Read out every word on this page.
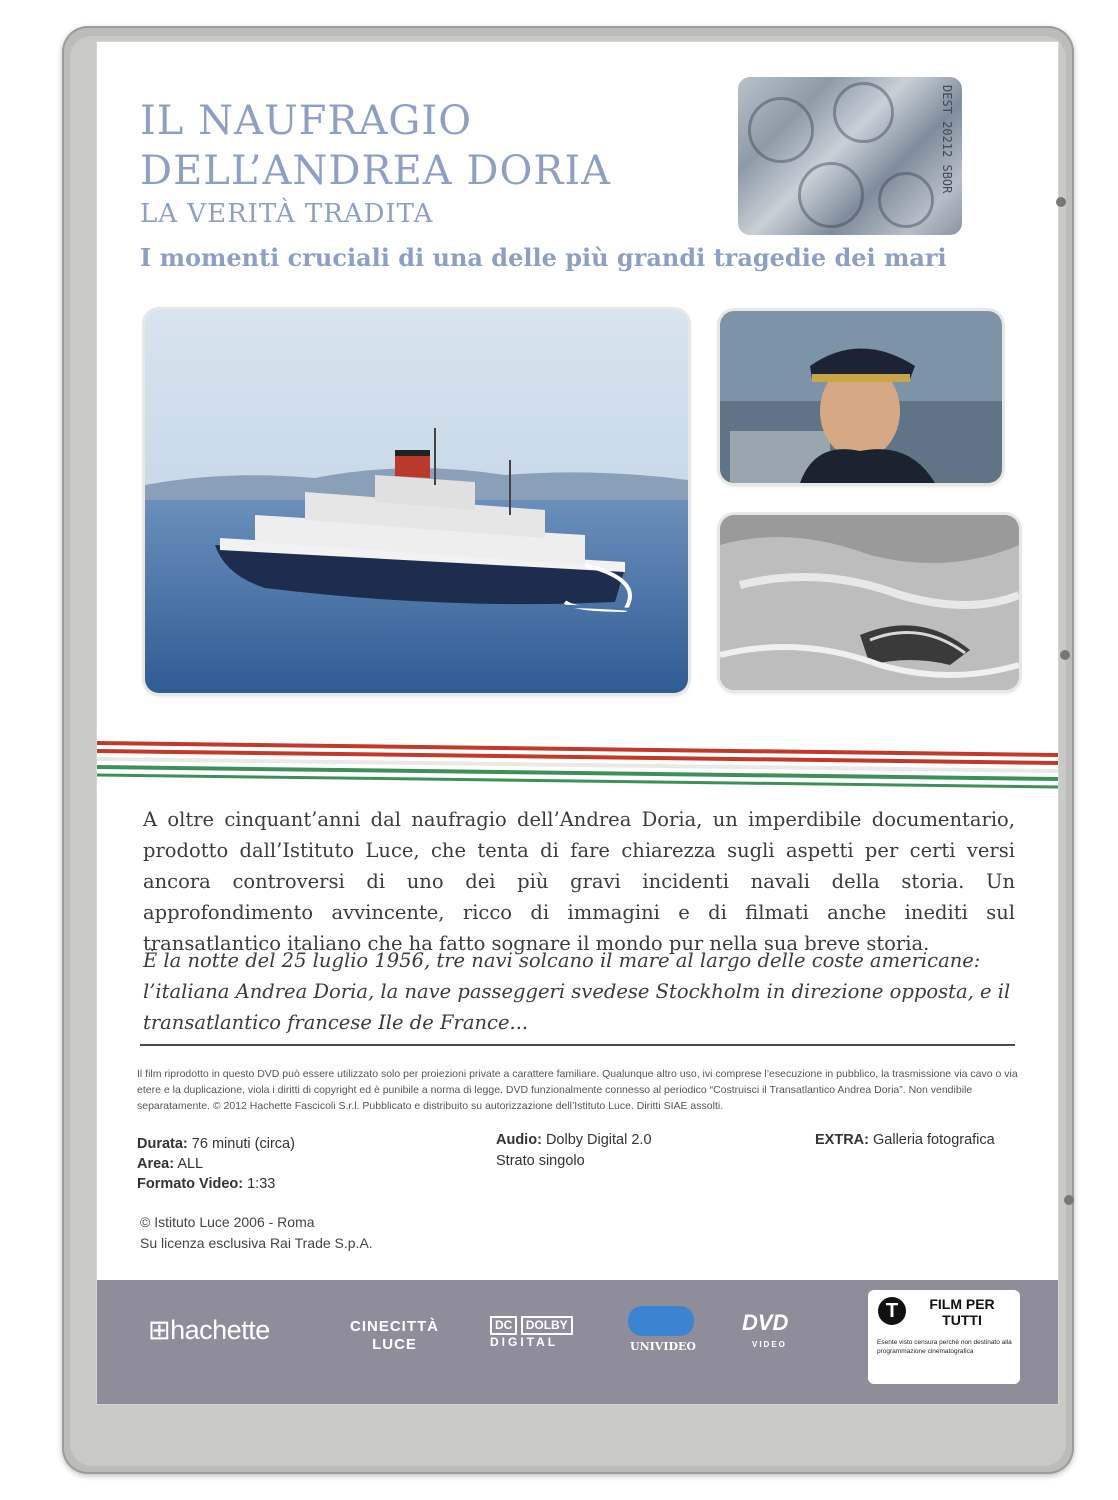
IL NAUFRAGIO
DELL’ANDREA DORIA
LA VERITÀ TRADITA
I momenti cruciali di una delle più grandi tragedie dei mari
DEST 20212 SBOR
A oltre cinquant’anni dal naufragio dell’Andrea Doria, un imperdibile documentario, prodotto dall’Istituto Luce, che tenta di fare chiarezza sugli aspetti per certi versi ancora controversi di uno dei più gravi incidenti navali della storia. Un approfondimento avvincente, ricco di immagini e di filmati anche inediti sul transatlantico italiano che ha fatto sognare il mondo pur nella sua breve storia.
È la notte del 25 luglio 1956, tre navi solcano il mare al largo delle coste americane: l’italiana Andrea Doria, la nave passeggeri svedese Stockholm in direzione opposta, e il transatlantico francese Ile de France...
Il film riprodotto in questo DVD può essere utilizzato solo per proiezioni private a carattere familiare. Qualunque altro uso, ivi comprese l’esecuzione in pubblico, la trasmissione via cavo o via etere e la duplicazione, viola i diritti di copyright ed è punibile a norma di legge. DVD funzionalmente connesso al periodico “Costruisci il Transatlantico Andrea Doria”. Non vendibile separatamente. © 2012 Hachette Fascicoli S.r.l. Pubblicato e distribuito su autorizzazione dell’Istituto Luce. Diritti SIAE assolti.
Durata: 76 minuti (circa)
Area: ALL
Formato Video: 1:33
Audio: Dolby Digital 2.0
Strato singolo
EXTRA: Galleria fotografica
© Istituto Luce 2006 - Roma
Su licenza esclusiva Rai Trade S.p.A.
⊞hachette	CINECITTÀ
LUCE
DC DOLBY
DIGITAL	UNIVIDEO
DVD
VIDEO
T	FILM PER TUTTI
Esente visto censura perchè non destinato alla programmazione cinematografica
